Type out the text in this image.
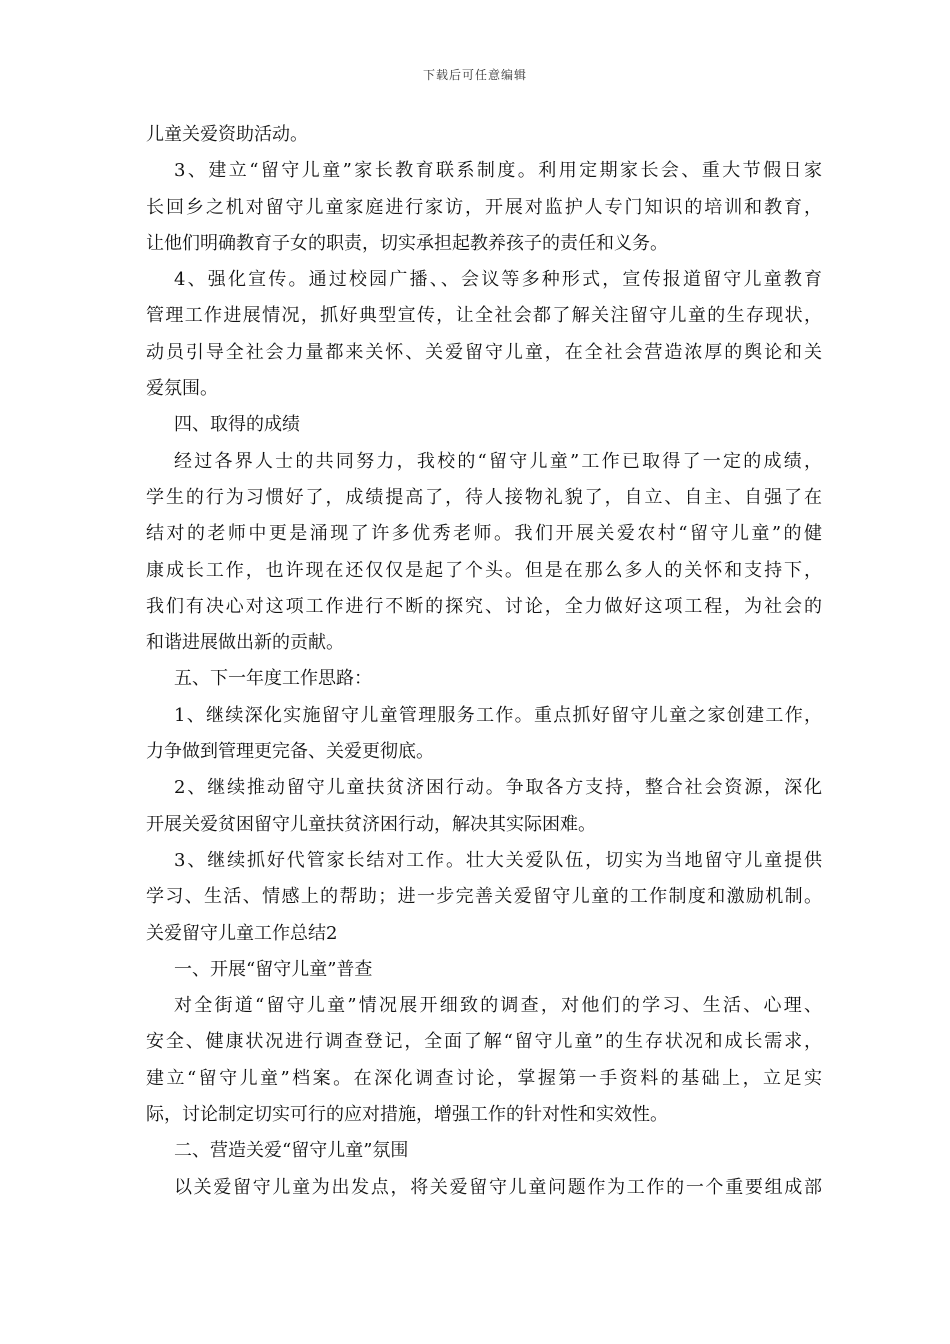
下载后可任意编辑
儿童关爱资助活动。
3、建立“留守儿童”家长教育联系制度。利用定期家长会、重大节假日家
长回乡之机对留守儿童家庭进行家访，开展对监护人专门知识的培训和教育，
让他们明确教育子女的职责，切实承担起教养孩子的责任和义务。
4、强化宣传。通过校园广播、、会议等多种形式，宣传报道留守儿童教育
管理工作进展情况，抓好典型宣传，让全社会都了解关注留守儿童的生存现状，
动员引导全社会力量都来关怀、关爱留守儿童，在全社会营造浓厚的舆论和关
爱氛围。
四、取得的成绩
经过各界人士的共同努力，我校的“留守儿童”工作已取得了一定的成绩，
学生的行为习惯好了，成绩提高了，待人接物礼貌了，自立、自主、自强了在
结对的老师中更是涌现了许多优秀老师。我们开展关爱农村“留守儿童”的健
康成长工作，也许现在还仅仅是起了个头。但是在那么多人的关怀和支持下，
我们有决心对这项工作进行不断的探究、讨论，全力做好这项工程，为社会的
和谐进展做出新的贡献。
五、下一年度工作思路：
1、继续深化实施留守儿童管理服务工作。重点抓好留守儿童之家创建工作，
力争做到管理更完备、关爱更彻底。
2、继续推动留守儿童扶贫济困行动。争取各方支持，整合社会资源，深化
开展关爱贫困留守儿童扶贫济困行动，解决其实际困难。
3、继续抓好代管家长结对工作。壮大关爱队伍，切实为当地留守儿童提供
学习、生活、情感上的帮助；进一步完善关爱留守儿童的工作制度和激励机制。
关爱留守儿童工作总结2
一、开展“留守儿童”普查
对全街道“留守儿童”情况展开细致的调查，对他们的学习、生活、心理、
安全、健康状况进行调查登记，全面了解“留守儿童”的生存状况和成长需求，
建立“留守儿童”档案。在深化调查讨论，掌握第一手资料的基础上，立足实
际，讨论制定切实可行的应对措施，增强工作的针对性和实效性。
二、营造关爱“留守儿童”氛围
以关爱留守儿童为出发点，将关爱留守儿童问题作为工作的一个重要组成部
